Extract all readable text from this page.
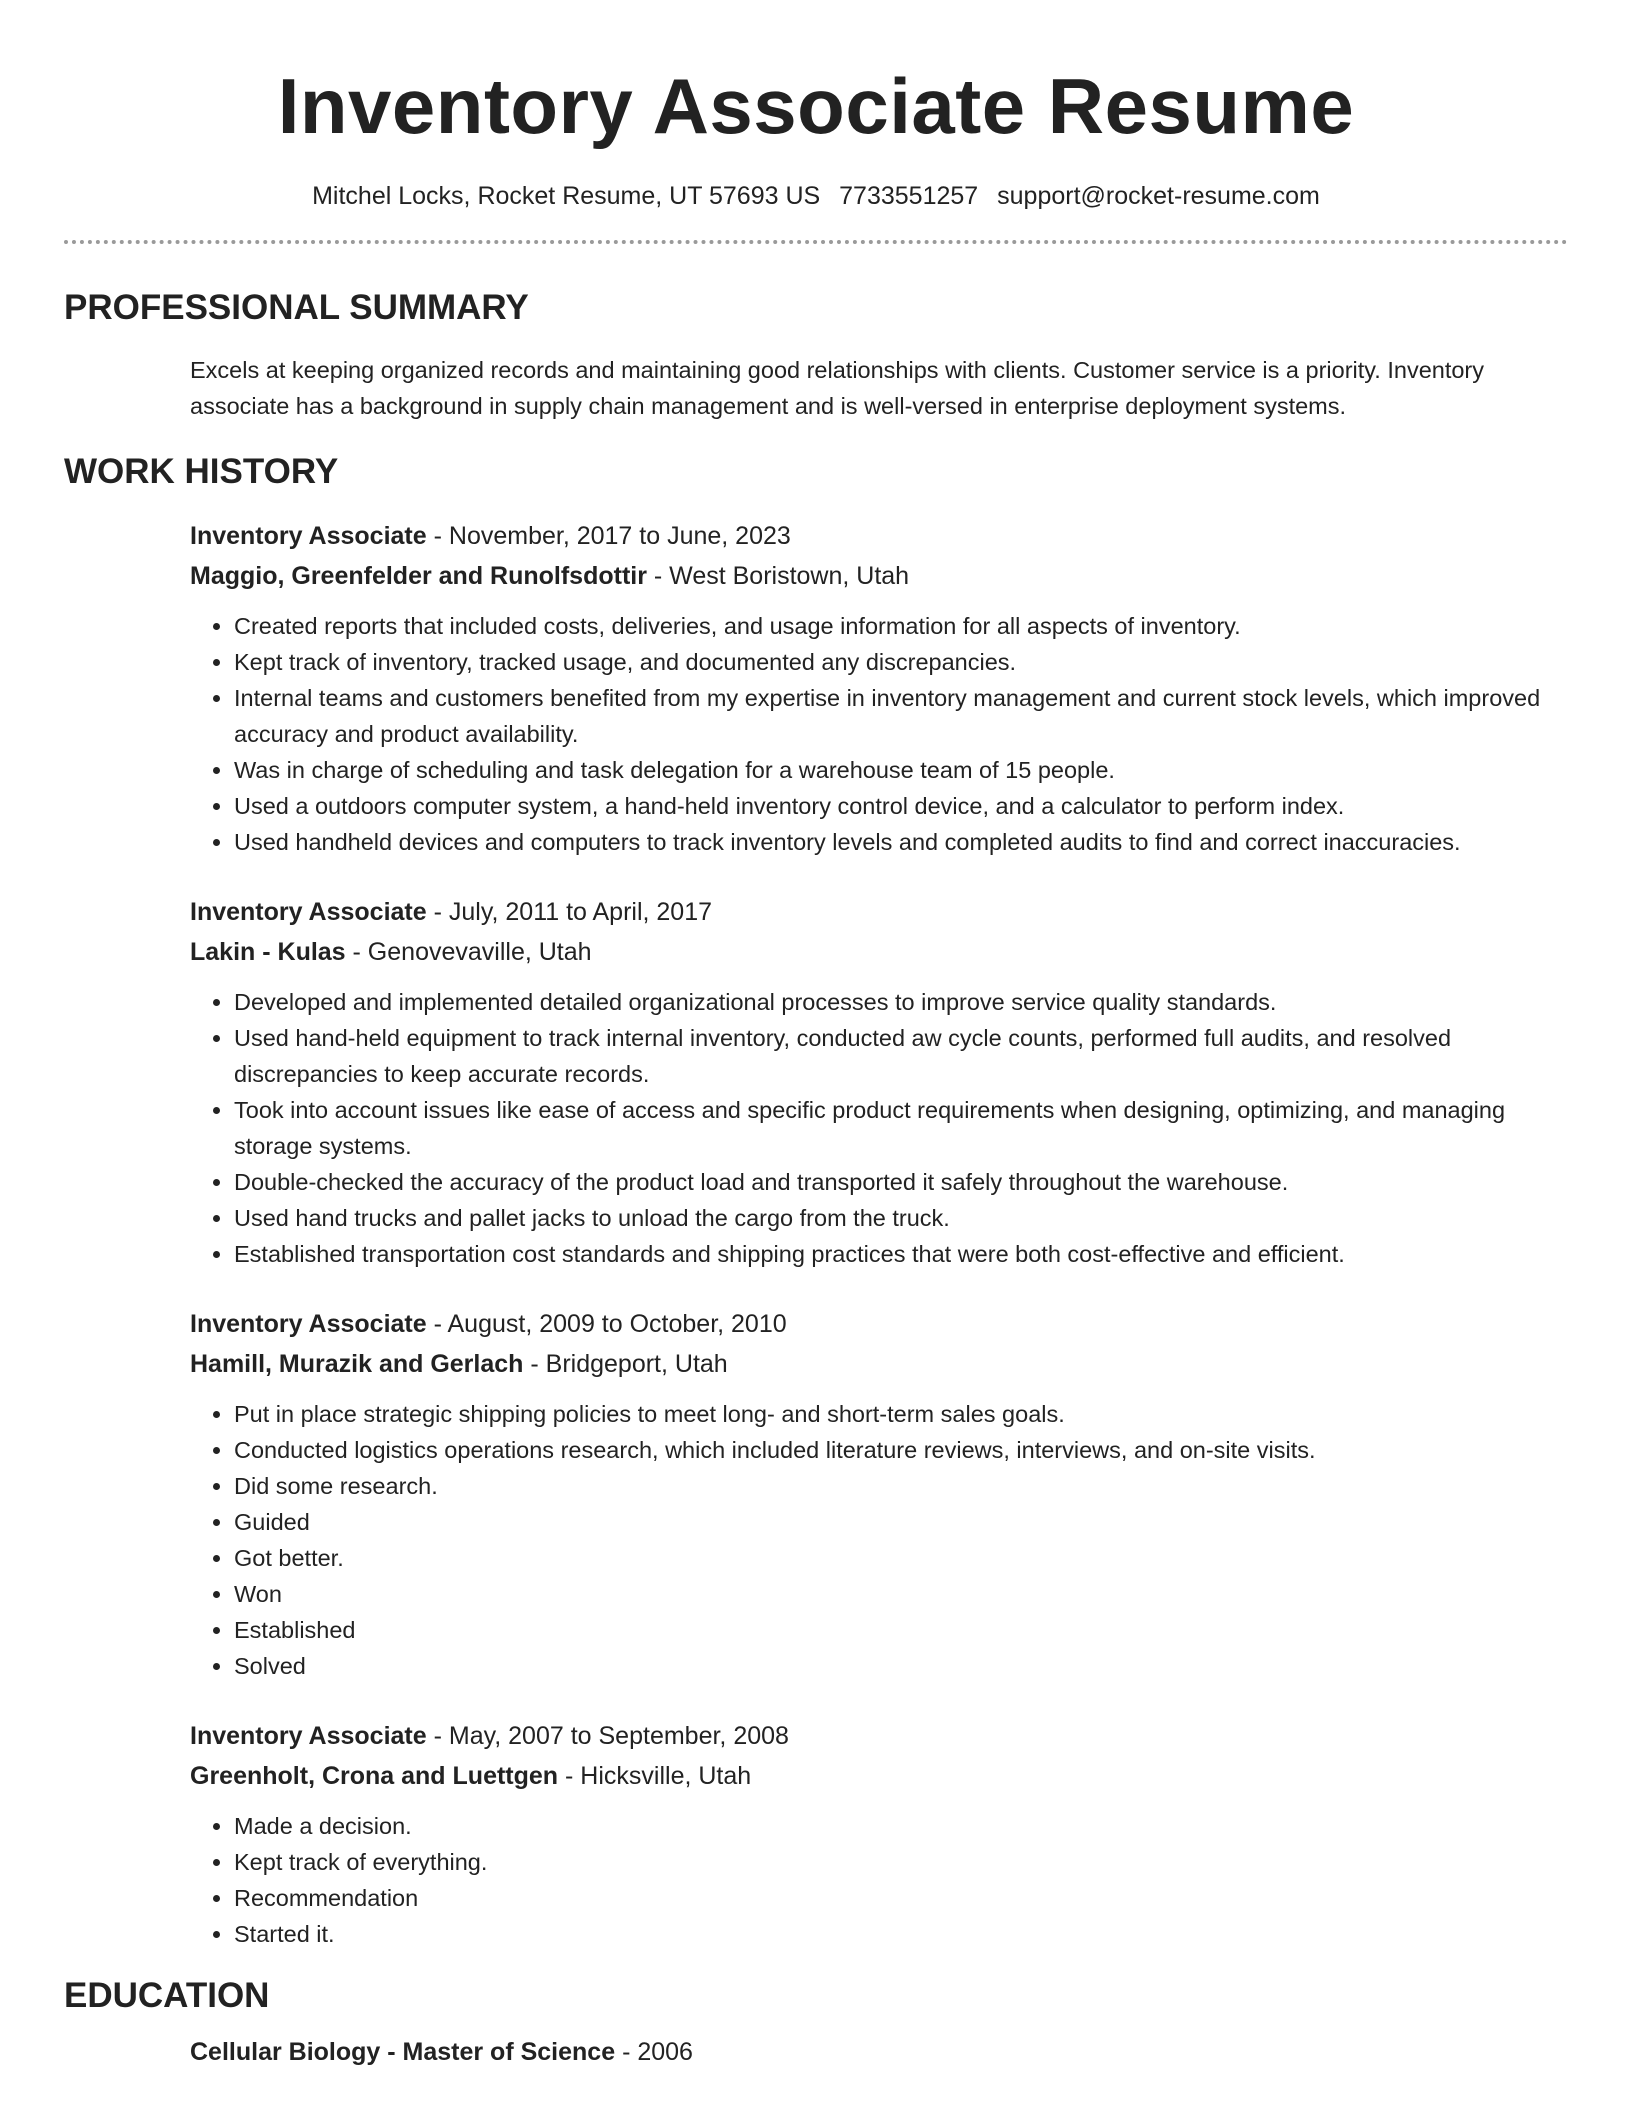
Inventory Associate Resume
Mitchel Locks, Rocket Resume, UT 57693 US 7733551257 support@rocket-resume.com
PROFESSIONAL SUMMARY
Excels at keeping organized records and maintaining good relationships with clients. Customer service is a priority. Inventory associate has a background in supply chain management and is well-versed in enterprise deployment systems.
WORK HISTORY
Inventory Associate - November, 2017 to June, 2023
Maggio, Greenfelder and Runolfsdottir - West Boristown, Utah
• Created reports that included costs, deliveries, and usage information for all aspects of inventory.
• Kept track of inventory, tracked usage, and documented any discrepancies.
• Internal teams and customers benefited from my expertise in inventory management and current stock levels, which improved accuracy and product availability.
• Was in charge of scheduling and task delegation for a warehouse team of 15 people.
• Used a outdoors computer system, a hand-held inventory control device, and a calculator to perform index.
• Used handheld devices and computers to track inventory levels and completed audits to find and correct inaccuracies.
Inventory Associate - July, 2011 to April, 2017
Lakin - Kulas - Genovevaville, Utah
• Developed and implemented detailed organizational processes to improve service quality standards.
• Used hand-held equipment to track internal inventory, conducted aw cycle counts, performed full audits, and resolved discrepancies to keep accurate records.
• Took into account issues like ease of access and specific product requirements when designing, optimizing, and managing storage systems.
• Double-checked the accuracy of the product load and transported it safely throughout the warehouse.
• Used hand trucks and pallet jacks to unload the cargo from the truck.
• Established transportation cost standards and shipping practices that were both cost-effective and efficient.
Inventory Associate - August, 2009 to October, 2010
Hamill, Murazik and Gerlach - Bridgeport, Utah
• Put in place strategic shipping policies to meet long- and short-term sales goals.
• Conducted logistics operations research, which included literature reviews, interviews, and on-site visits.
• Did some research.
• Guided
• Got better.
• Won
• Established
• Solved
Inventory Associate - May, 2007 to September, 2008
Greenholt, Crona and Luettgen - Hicksville, Utah
• Made a decision.
• Kept track of everything.
• Recommendation
• Started it.
EDUCATION
Cellular Biology - Master of Science - 2006
